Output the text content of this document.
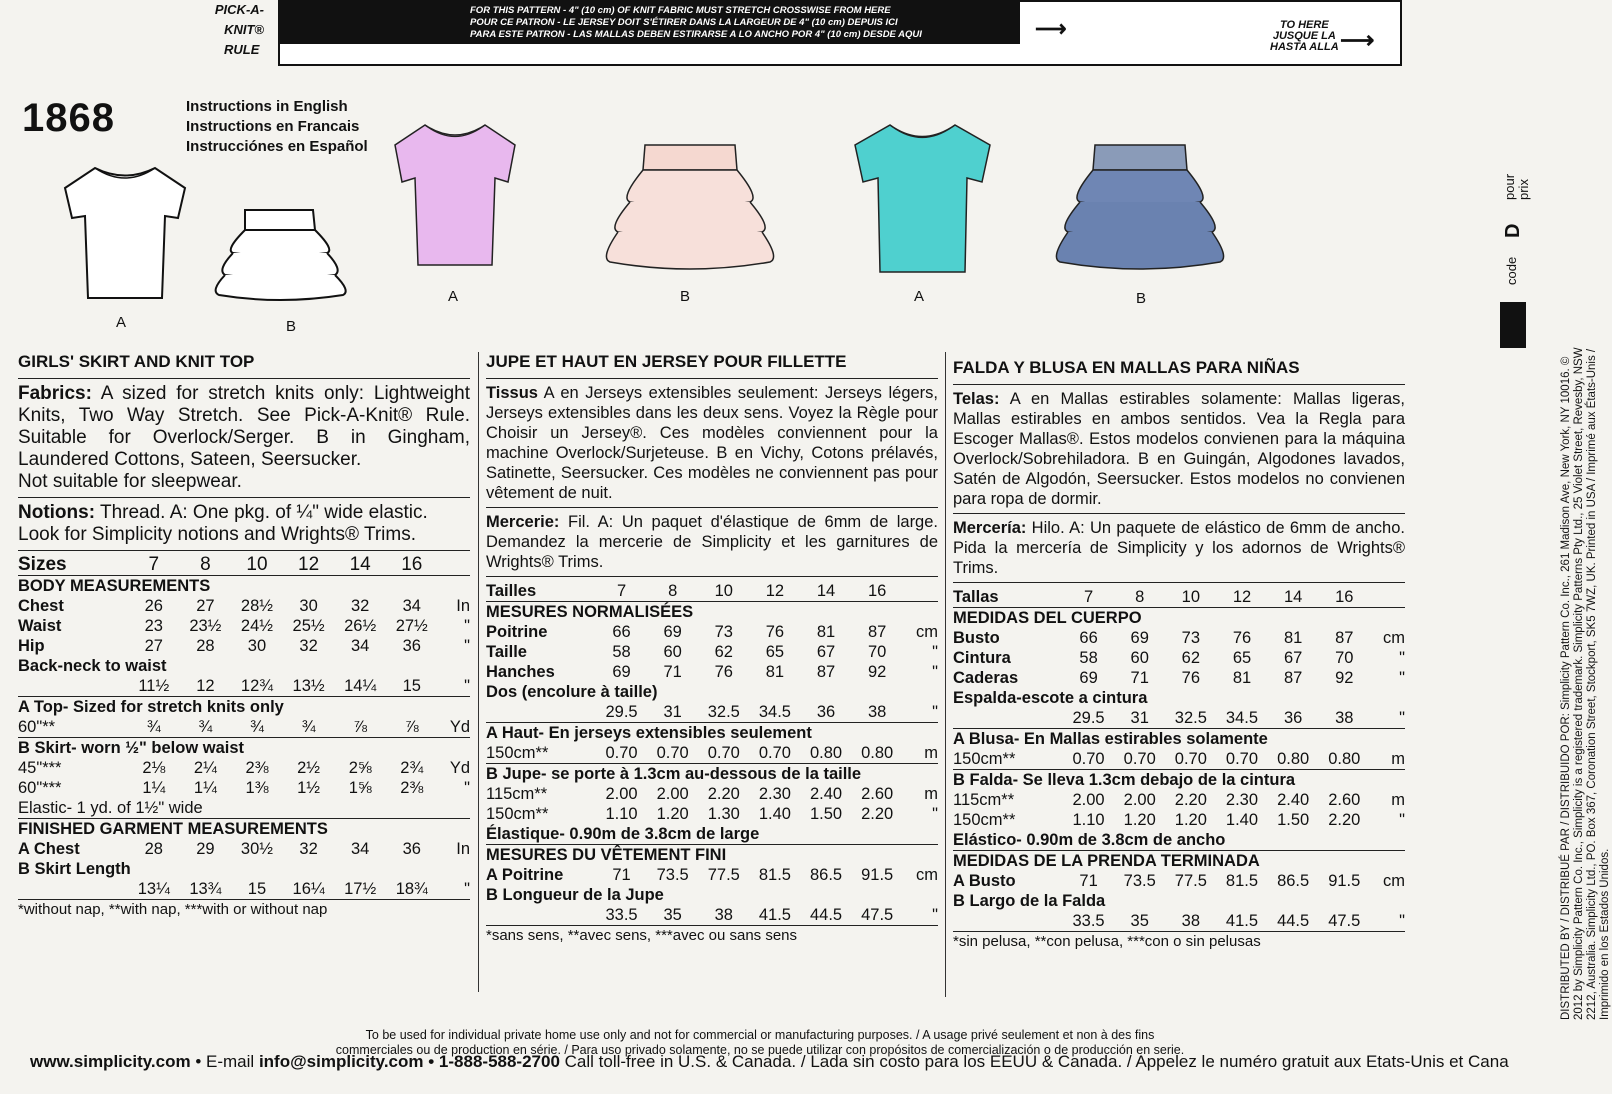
PICK-A-KNIT®
RULE
FOR THIS PATTERN - 4" (10 cm) OF KNIT FABRIC MUST STRETCH CROSSWISE FROM HERE
POUR CE PATRON - LE JERSEY DOIT S'ÉTIRER DANS LA LARGEUR DE 4" (10 cm) DEPUIS ICI
PARA ESTE PATRON - LAS MALLAS DEBEN ESTIRARSE A LO ANCHO POR 4" (10 cm) DESDE AQUI	⟶	TO HERE
JUSQUE LA
HASTA ALLA ⟶
1868	Instructions in English
Instructions en Francais
Instrucciónes en Español
A	B
A	B	A	B
pour prix
D
code
DISTRIBUTED BY / DISTRIBUÉ PAR / DISTRIBUIDO POR: Simplicity Pattern Co. Inc., 261 Madison Ave, New York, NY 10016. © 2012 by Simplicity Pattern Co. Inc., Simplicity is a registered trademark. Simplicity Patterns Pty Ltd., 25 Violet Street, Revesby, NSW 2212, Australia. Simplicity Ltd., PO. Box 367, Coronation Street, Stockport, SK5 7WZ, UK. Printed in USA / Imprimé aux États-Unis / Imprimido en los Estados Unidos.
GIRLS' SKIRT AND KNIT TOP

Fabrics: A sized for stretch knits only: Lightweight Knits, Two Way Stretch. See Pick-A-Knit® Rule. Suitable for Overlock/Serger. B in Gingham, Laundered Cottons, Sateen, Seersucker.

Not suitable for sleepwear.

Notions: Thread. A: One pkg. of ¼" wide elastic.

Look for Simplicity notions and Wrights® Trims.

Sizes	7	8	10	12	14	16	

BODY MEASUREMENTS							
Chest	26	27	28½	30	32	34	In
Waist	23	23½	24½	25½	26½	27½	"
Hip	27	28	30	32	34	36	"
Back-neck to waist							
	11½	12	12¾	13½	14¼	15	"

A Top- Sized for stretch knits only							
60"**	¾	¾	¾	¾	⅞	⅞	Yd

B Skirt- worn ½" below waist							
45"***	2⅛	2¼	2⅜	2½	2⅝	2¾	Yd
60"***	1¼	1¼	1⅜	1½	1⅝	2⅜	"
Elastic- 1 yd. of 1½" wide							

FINISHED GARMENT MEASUREMENTS							
A Chest	28	29	30½	32	34	36	In
B Skirt Length							
	13¼	13¾	15	16¼	17½	18¾	"

*without nap, **with nap, ***with or without nap							
JUPE ET HAUT EN JERSEY POUR FILLETTE

Tissus A en Jerseys extensibles seulement: Jerseys légers, Jerseys extensibles dans les deux sens. Voyez la Règle pour Choisir un Jersey®. Ces modèles conviennent pour la machine Overlock/Surjeteuse. B en Vichy, Cotons prélavés, Satinette, Seersucker. Ces modèles ne conviennent pas pour vêtement de nuit.

Mercerie: Fil. A: Un paquet d'élastique de 6mm de large. Demandez la mercerie de Simplicity et les garnitures de Wrights® Trims.

Tailles	7	8	10	12	14	16	

MESURES NORMALISÉES							
Poitrine	66	69	73	76	81	87	cm
Taille	58	60	62	65	67	70	"
Hanches	69	71	76	81	87	92	"
Dos (encolure à taille)							
	29.5	31	32.5	34.5	36	38	"

A Haut- En jerseys extensibles seulement							
150cm**	0.70	0.70	0.70	0.70	0.80	0.80	m

B Jupe- se porte à 1.3cm au-dessous de la taille							
115cm**	2.00	2.00	2.20	2.30	2.40	2.60	m
150cm**	1.10	1.20	1.30	1.40	1.50	2.20	"
Élastique- 0.90m de 3.8cm de large							

MESURES DU VÊTEMENT FINI							
A Poitrine	71	73.5	77.5	81.5	86.5	91.5	cm
B Longueur de la Jupe							
	33.5	35	38	41.5	44.5	47.5	"

*sans sens, **avec sens, ***avec ou sans sens							
FALDA Y BLUSA EN MALLAS PARA NIÑAS

Telas: A en Mallas estirables solamente: Mallas ligeras, Mallas estirables en ambos sentidos. Vea la Regla para Escoger Mallas®. Estos modelos convienen para la máquina Overlock/Sobrehiladora. B en Guingán, Algodones lavados, Satén de Algodón, Seersucker. Estos modelos no convienen para ropa de dormir.

Mercería: Hilo. A: Un paquete de elástico de 6mm de ancho. Pida la mercería de Simplicity y los adornos de Wrights® Trims.

Tallas	7	8	10	12	14	16	

MEDIDAS DEL CUERPO							
Busto	66	69	73	76	81	87	cm
Cintura	58	60	62	65	67	70	"
Caderas	69	71	76	81	87	92	"
Espalda-escote a cintura							
	29.5	31	32.5	34.5	36	38	"

A Blusa- En Mallas estirables solamente							
150cm**	0.70	0.70	0.70	0.70	0.80	0.80	m

B Falda- Se lleva 1.3cm debajo de la cintura							
115cm**	2.00	2.00	2.20	2.30	2.40	2.60	m
150cm**	1.10	1.20	1.20	1.40	1.50	2.20	"
Elástico- 0.90m de 3.8cm de ancho							

MEDIDAS DE LA PRENDA TERMINADA							
A Busto	71	73.5	77.5	81.5	86.5	91.5	cm
B Largo de la Falda							
	33.5	35	38	41.5	44.5	47.5	"

*sin pelusa, **con pelusa, ***con o sin pelusas							
To be used for individual private home use only and not for commercial or manufacturing purposes. / A usage privé seulement et non à des fins
commerciales ou de production en série. / Para uso privado solamente, no se puede utilizar con propósitos de comercialización o de producción en serie.
www.simplicity.com • E-mail info@simplicity.com • 1-888-588-2700 Call toll-free in U.S. & Canada. / Lada sin costo para los EEUU & Canada. / Appelez le numéro gratuit aux Etats-Unis et Cana
